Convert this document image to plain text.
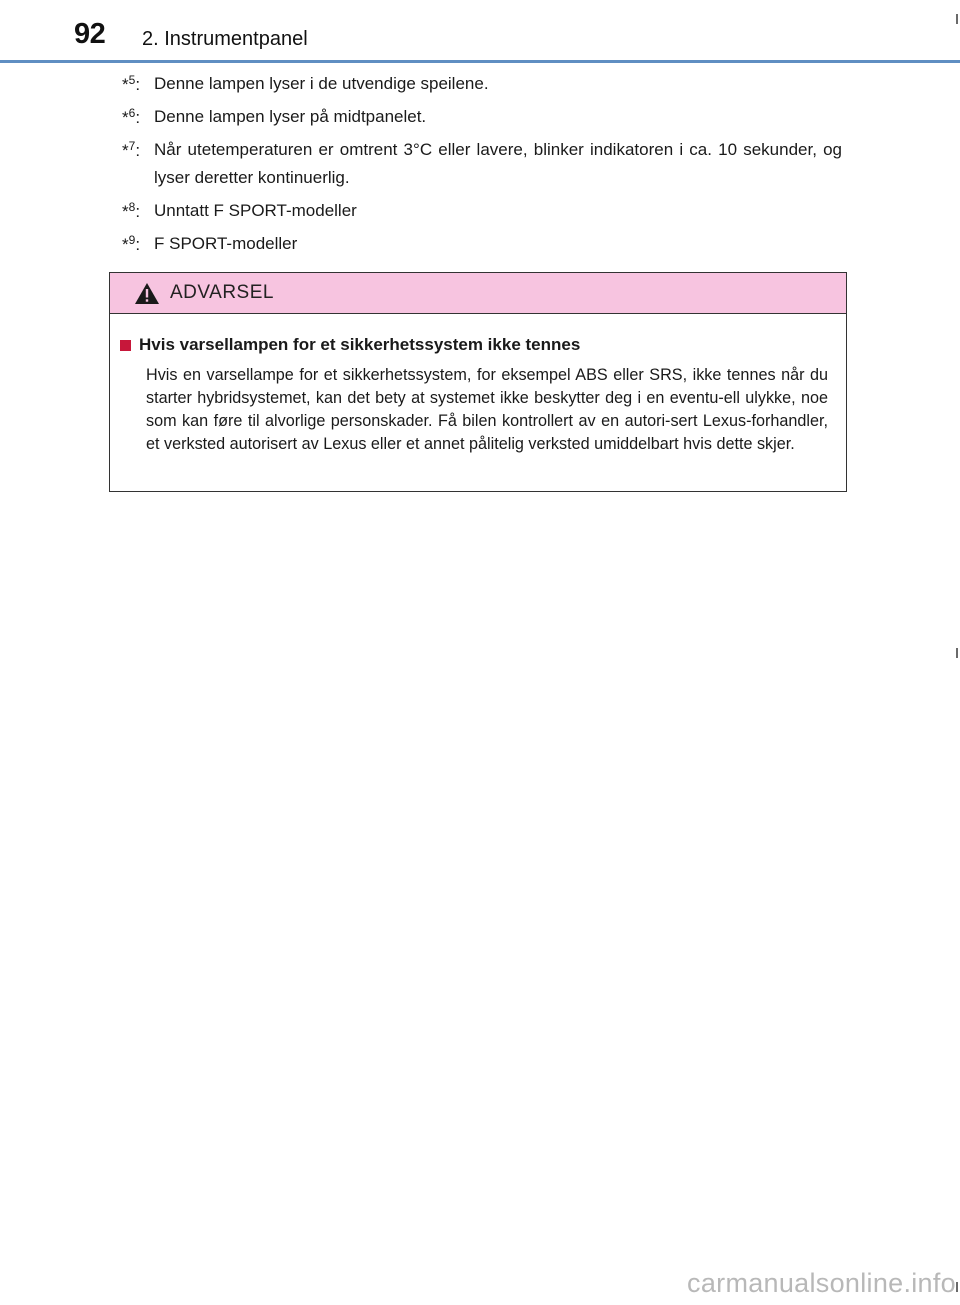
92 2. Instrumentpanel
*$^5$: Denne lampen lyser i de utvendige speilene.
*$^6$: Denne lampen lyser på midtpanelet.
*$^7$: Når utetemperaturen er omtrent 3°C eller lavere, blinker indikatoren i ca. 10 sekunder, og lyser deretter kontinuerlig.
*$^8$: Unntatt F SPORT-modeller
*$^9$: F SPORT-modeller
ADVARSEL
Hvis varsellampen for et sikkerhetssystem ikke tennes
Hvis en varsellampe for et sikkerhetssystem, for eksempel ABS eller SRS, ikke tennes når du starter hybridsystemet, kan det bety at systemet ikke beskytter deg i en eventu-ell ulykke, noe som kan føre til alvorlige personskader. Få bilen kontrollert av en autori-sert Lexus-forhandler, et verksted autorisert av Lexus eller et annet pålitelig verksted umiddelbart hvis dette skjer.
carmanualsonline.info
